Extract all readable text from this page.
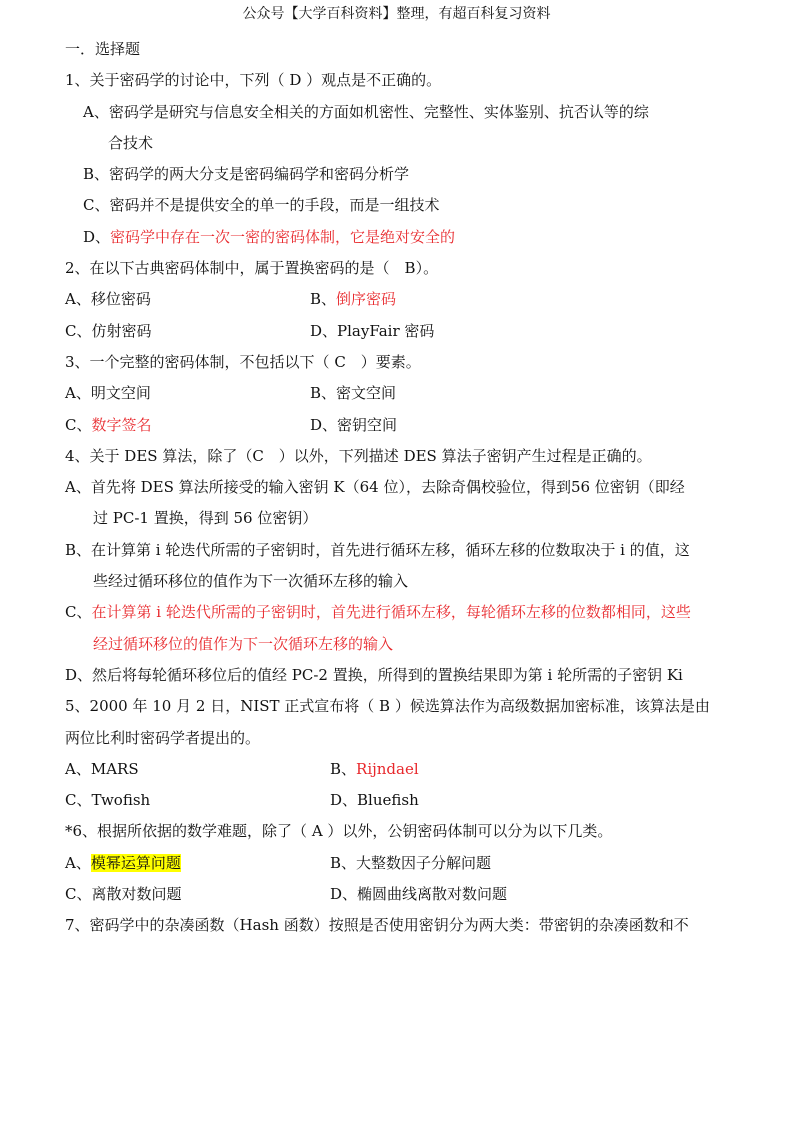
公众号【大学百科资料】整理，有超百科复习资料
一．选择题
1、关于密码学的讨论中，下列（ D ）观点是不正确的。
A、密码学是研究与信息安全相关的方面如机密性、完整性、实体鉴别、抗否认等的综
合技术
B、密码学的两大分支是密码编码学和密码分析学
C、密码并不是提供安全的单一的手段，而是一组技术
D、密码学中存在一次一密的密码体制，它是绝对安全的
2、在以下古典密码体制中，属于置换密码的是（　B）。
A、移位密码	B、倒序密码
C、仿射密码	D、PlayFair 密码
3、一个完整的密码体制，不包括以下（ C　）要素。
A、明文空间	B、密文空间
C、数字签名	D、密钥空间
4、关于 DES 算法，除了（C　）以外，下列描述 DES 算法子密钥产生过程是正确的。
A、首先将 DES 算法所接受的输入密钥 K（64 位），去除奇偶校验位，得到56 位密钥（即经
过 PC-1 置换，得到 56 位密钥）
B、在计算第 i 轮迭代所需的子密钥时，首先进行循环左移，循环左移的位数取决于 i 的值，这
些经过循环移位的值作为下一次循环左移的输入
C、在计算第 i 轮迭代所需的子密钥时，首先进行循环左移，每轮循环左移的位数都相同，这些
经过循环移位的值作为下一次循环左移的输入
D、然后将每轮循环移位后的值经 PC-2 置换，所得到的置换结果即为第 i 轮所需的子密钥 Ki
5、2000 年 10 月 2 日，NIST 正式宣布将（ B ）候选算法作为高级数据加密标准，该算法是由
两位比利时密码学者提出的。
A、MARS	B、Rijndael
C、Twofish	D、Bluefish
*6、根据所依据的数学难题，除了（ A ）以外，公钥密码体制可以分为以下几类。
A、模幂运算问题	B、大整数因子分解问题
C、离散对数问题	D、椭圆曲线离散对数问题
7、密码学中的杂凑函数（Hash 函数）按照是否使用密钥分为两大类：带密钥的杂凑函数和不
